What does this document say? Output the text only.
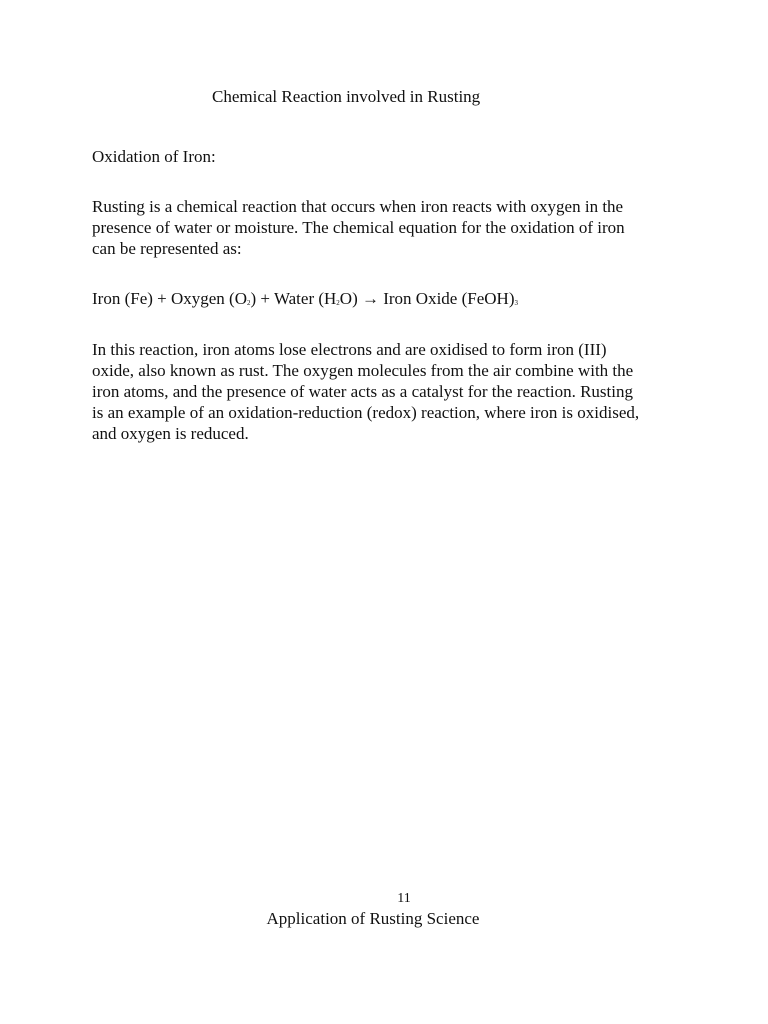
Chemical Reaction involved in Rusting
Oxidation of Iron:
Rusting is a chemical reaction that occurs when iron reacts with oxygen in the
presence of water or moisture. The chemical equation for the oxidation of iron
can be represented as:
Iron (Fe) + Oxygen $(O_2)$ + Water $(H_2O)$ → Iron Oxide $(FeOH)_3$
In this reaction, iron atoms lose electrons and are oxidised to form iron (III)
oxide, also known as rust. The oxygen molecules from the air combine with the
iron atoms, and the presence of water acts as a catalyst for the reaction. Rusting
is an example of an oxidation-reduction (redox) reaction, where iron is oxidised,
and oxygen is reduced.
11
Application of Rusting Science
